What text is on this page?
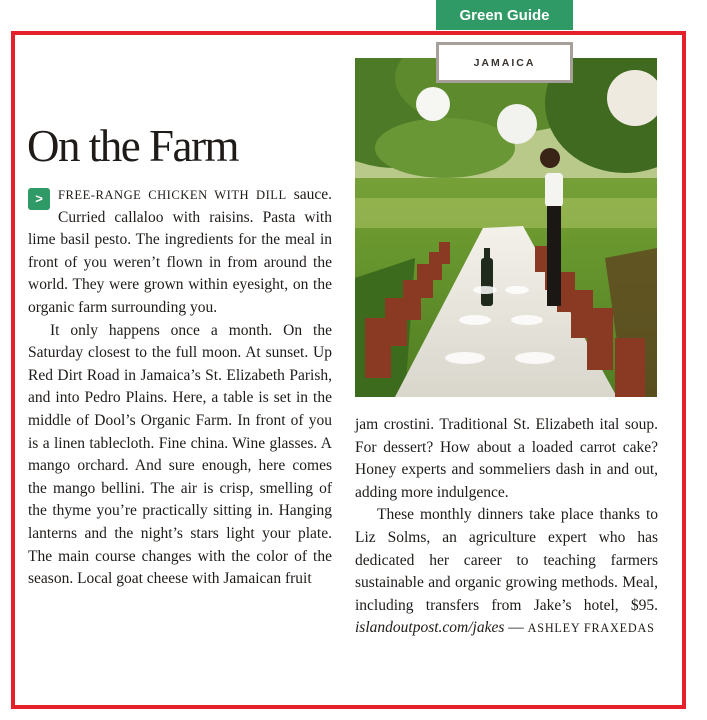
Green Guide
On the Farm

>	FREE-RANGE CHICKEN WITH DILL sauce. Curried callaloo with raisins. Pasta with lime basil pesto. The ingredients for the meal in front of you weren’t flown in from around the world. They were grown within eyesight, on the organic farm surrounding you.

It only happens once a month. On the Saturday closest to the full moon. At sunset. Up Red Dirt Road in Jamaica’s St. Elizabeth Parish, and into Pedro Plains. Here, a table is set in the middle of Dool’s Organic Farm. In front of you is a linen tablecloth. Fine china. Wine glasses. A mango orchard. And sure enough, here comes the mango bellini. The air is crisp, smelling of the thyme you’re practically sitting in. Hanging lanterns and the night’s stars light your plate. The main course changes with the color of the season. Local goat cheese with Jamaican fruit

JAMAICA

jam crostini. Traditional St. Elizabeth ital soup. For dessert? How about a loaded carrot cake? Honey experts and sommeliers dash in and out, adding more indulgence.

These monthly dinners take place thanks to Liz Solms, an agriculture expert who has dedicated her career to teaching farmers sustainable and organic growing methods. Meal, including transfers from Jake’s hotel, $95. islandoutpost.com/jakes — ASHLEY FRAXEDAS
